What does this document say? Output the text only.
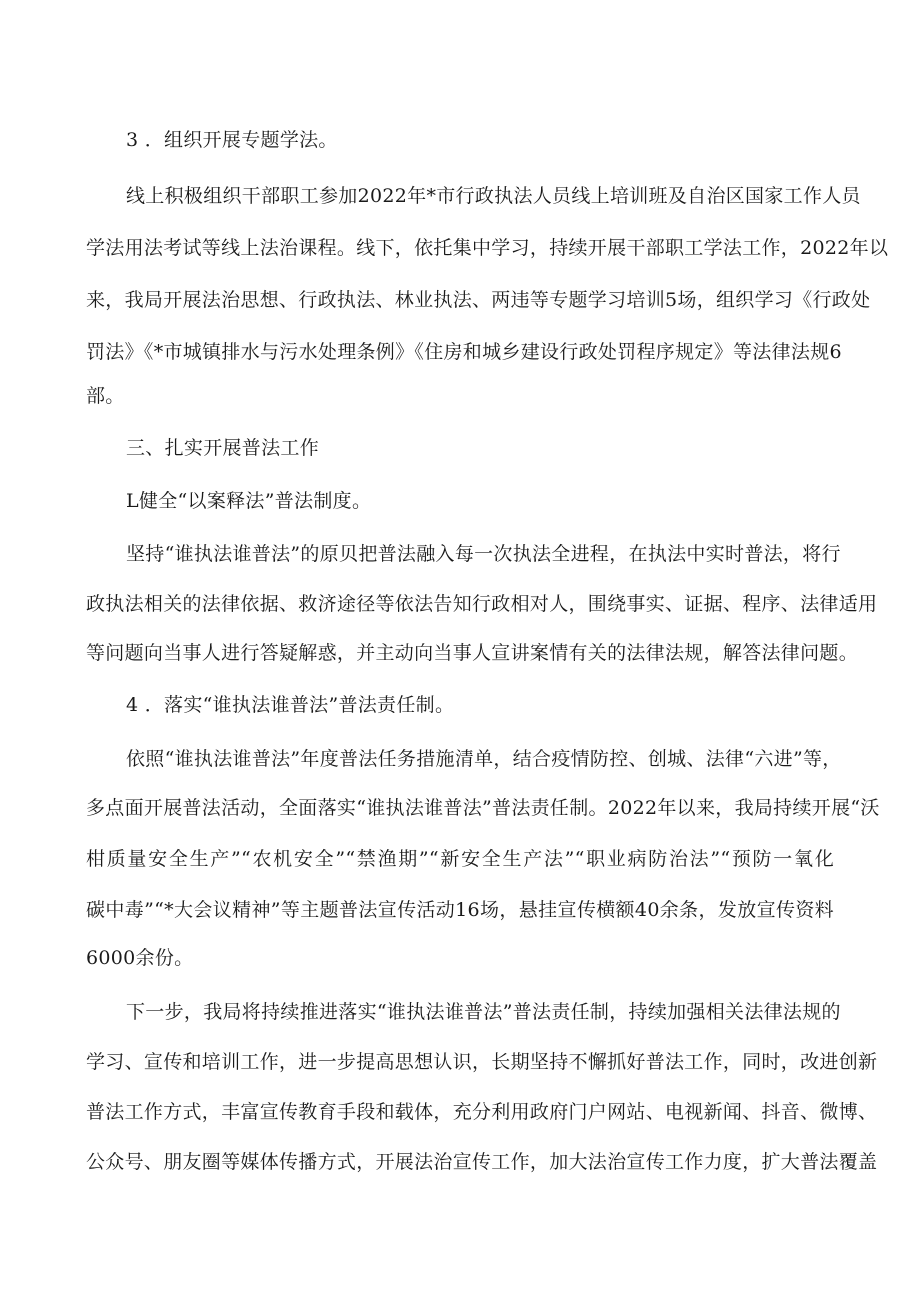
3 ．组织开展专题学法。
线上积极组织干部职工参加2022年*市行政执法人员线上培训班及自治区国家工作人员
学法用法考试等线上法治课程。线下，依托集中学习，持续开展干部职工学法工作，2022年以
来，我局开展法治思想、行政执法、林业执法、两违等专题学习培训5场，组织学习《行政处
罚法》《*市城镇排水与污水处理条例》《住房和城乡建设行政处罚程序规定》等法律法规6
部。
三、扎实开展普法工作
L健全“以案释法”普法制度。
坚持“谁执法谁普法”的原贝把普法融入每一次执法全进程，在执法中实时普法，将行
政执法相关的法律依据、救济途径等依法告知行政相对人，围绕事实、证据、程序、法律适用
等问题向当事人进行答疑解惑，并主动向当事人宣讲案情有关的法律法规，解答法律问题。
4 ．落实“谁执法谁普法”普法责任制。
依照“谁执法谁普法”年度普法任务措施清单，结合疫情防控、创城、法律“六进”等，
多点面开展普法活动，全面落实“谁执法谁普法”普法责任制。2022年以来，我局持续开展“沃
柑质量安全生产”“农机安全”“禁渔期”“新安全生产法”“职业病防治法”“预防一氧化
碳中毒”“*大会议精神”等主题普法宣传活动16场，悬挂宣传横额40余条，发放宣传资料
6000余份。
下一步，我局将持续推进落实“谁执法谁普法”普法责任制，持续加强相关法律法规的
学习、宣传和培训工作，进一步提高思想认识，长期坚持不懈抓好普法工作，同时，改进创新
普法工作方式，丰富宣传教育手段和载体，充分利用政府门户网站、电视新闻、抖音、微博、
公众号、朋友圈等媒体传播方式，开展法治宣传工作，加大法治宣传工作力度，扩大普法覆盖
